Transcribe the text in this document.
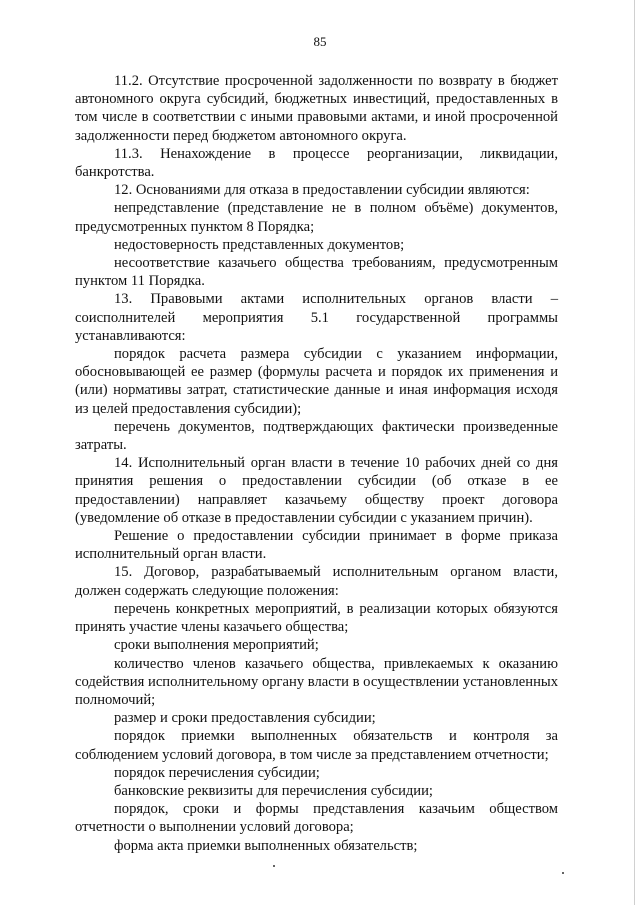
85

11.2. Отсутствие просроченной задолженности по возврату в бюджет автономного округа субсидий, бюджетных инвестиций, предоставленных в том числе в соответствии с иными правовыми актами, и иной просроченной задолженности перед бюджетом автономного округа.

11.3. Ненахождение в процессе реорганизации, ликвидации, банкротства.

12. Основаниями для отказа в предоставлении субсидии являются:

непредставление (представление не в полном объёме) документов, предусмотренных пунктом 8 Порядка;

недостоверность представленных документов;

несоответствие казачьего общества требованиям, предусмотренным пунктом 11 Порядка.

13. Правовыми актами исполнительных органов власти – соисполнителей мероприятия 5.1 государственной программы устанавливаются:

порядок расчета размера субсидии с указанием информации, обосновывающей ее размер (формулы расчета и порядок их применения и (или) нормативы затрат, статистические данные и иная информация исходя из целей предоставления субсидии);

перечень документов, подтверждающих фактически произведенные затраты.

14. Исполнительный орган власти в течение 10 рабочих дней со дня принятия решения о предоставлении субсидии (об отказе в ее предоставлении) направляет казачьему обществу проект договора (уведомление об отказе в предоставлении субсидии с указанием причин).

Решение о предоставлении субсидии принимает в форме приказа исполнительный орган власти.

15. Договор, разрабатываемый исполнительным органом власти, должен содержать следующие положения:

перечень конкретных мероприятий, в реализации которых обязуются принять участие члены казачьего общества;

сроки выполнения мероприятий;

количество членов казачьего общества, привлекаемых к оказанию содействия исполнительному органу власти в осуществлении установленных полномочий;

размер и сроки предоставления субсидии;

порядок приемки выполненных обязательств и контроля за соблюдением условий договора, в том числе за представлением отчетности;

порядок перечисления субсидии;

банковские реквизиты для перечисления субсидии;

порядок, сроки и формы представления казачьим обществом отчетности о выполнении условий договора;

форма акта приемки выполненных обязательств;
